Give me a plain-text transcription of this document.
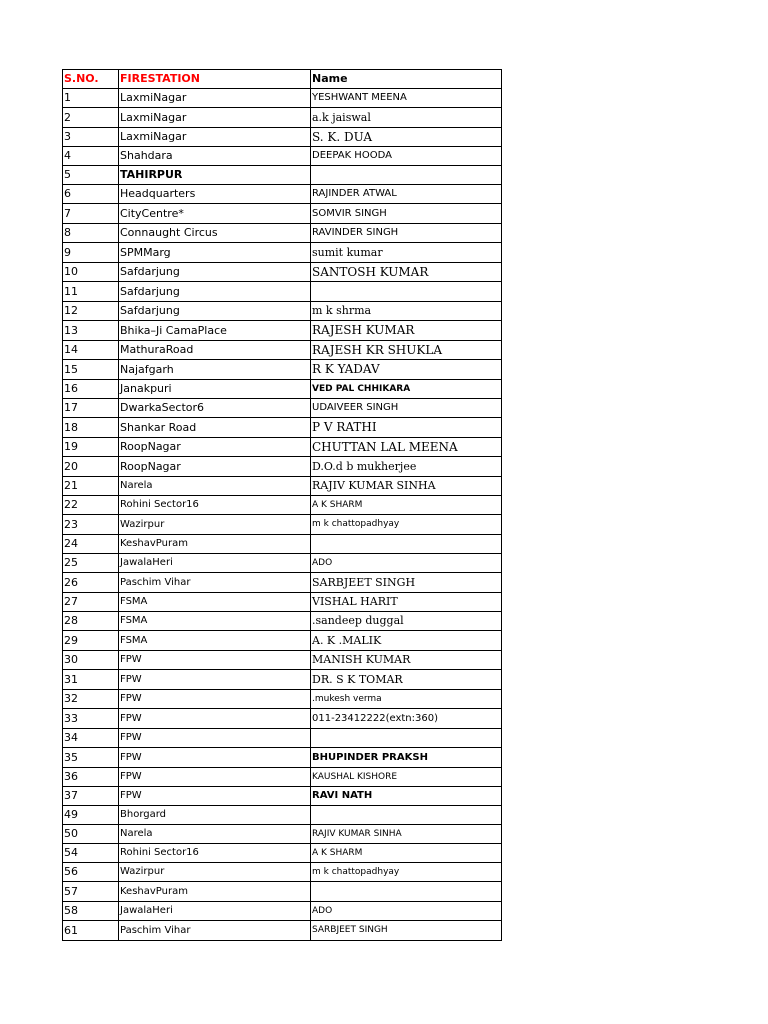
S.NO.	FIRESTATION	Name
1	LaxmiNagar	YESHWANT MEENA
2	LaxmiNagar	a.k jaiswal
3	LaxmiNagar	S. K. DUA
4	Shahdara	DEEPAK HOODA
5	TAHIRPUR
6	Headquarters	RAJINDER ATWAL
7	CityCentre*	SOMVIR SINGH
8	Connaught Circus	RAVINDER SINGH
9	SPMMarg	sumit kumar
10	Safdarjung	SANTOSH KUMAR
11	Safdarjung
12	Safdarjung	m k shrma
13	Bhika–Ji CamaPlace	RAJESH KUMAR
14	MathuraRoad	RAJESH KR SHUKLA
15	Najafgarh	R K YADAV
16	Janakpuri	VED PAL CHHIKARA
17	DwarkaSector6	UDAIVEER SINGH
18	Shankar Road	P V RATHI
19	RoopNagar	CHUTTAN LAL MEENA
20	RoopNagar	D.O.d b mukherjee
21	Narela	RAJIV KUMAR SINHA
22	Rohini Sector16	A K SHARM
23	Wazirpur	m k chattopadhyay
24	KeshavPuram
25	JawalaHeri	ADO
26	Paschim Vihar	SARBJEET SINGH
27	FSMA	VISHAL HARIT
28	FSMA	.sandeep duggal
29	FSMA	A. K .MALIK
30	FPW	MANISH KUMAR
31	FPW	DR. S K TOMAR
32	FPW	.mukesh verma
33	FPW	011-23412222(extn:360)
34	FPW
35	FPW	BHUPINDER PRAKSH
36	FPW	KAUSHAL KISHORE
37	FPW	RAVI NATH
49	Bhorgard
50	Narela	RAJIV KUMAR SINHA
54	Rohini Sector16	A K SHARM
56	Wazirpur	m k chattopadhyay
57	KeshavPuram
58	JawalaHeri	ADO
61	Paschim Vihar	SARBJEET SINGH
